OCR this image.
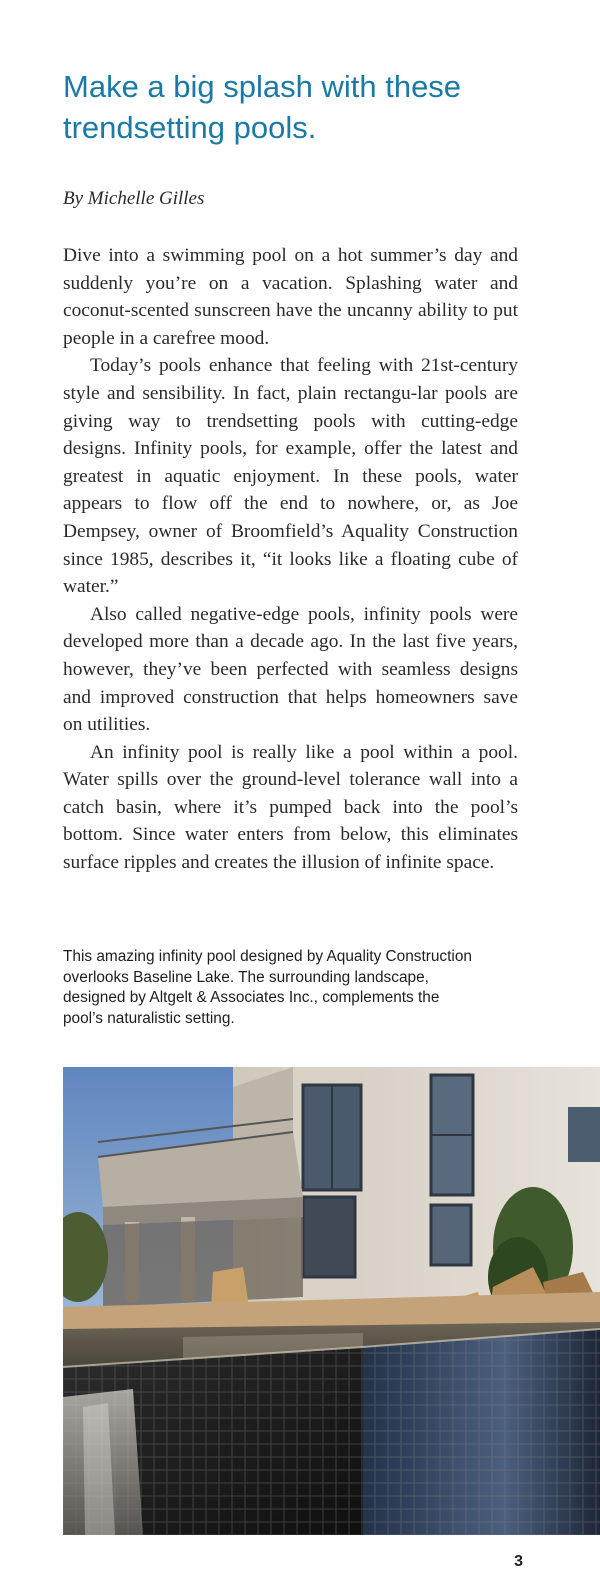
Make a big splash with these trendsetting pools.

By Michelle Gilles

Dive into a swimming pool on a hot summer’s day and suddenly you’re on a vacation. Splashing water and coconut-scented sunscreen have the uncanny ability to put people in a carefree mood.

Today’s pools enhance that feeling with 21st-century style and sensibility. In fact, plain rectangu-lar pools are giving way to trendsetting pools with cutting-edge designs. Infinity pools, for example, offer the latest and greatest in aquatic enjoyment. In these pools, water appears to flow off the end to nowhere, or, as Joe Dempsey, owner of Broomfield’s Aquality Construction since 1985, describes it, “it looks like a floating cube of water.”

Also called negative-edge pools, infinity pools were developed more than a decade ago. In the last five years, however, they’ve been perfected with seamless designs and improved construction that helps homeowners save on utilities.

An infinity pool is really like a pool within a pool. Water spills over the ground-level tolerance wall into a catch basin, where it’s pumped back into the pool’s bottom. Since water enters from below, this eliminates surface ripples and creates the illusion of infinite space.

This amazing infinity pool designed by Aquality Construction overlooks Baseline Lake. The surrounding landscape, designed by Altgelt & Associates Inc., complements the pool’s naturalistic setting.

3
